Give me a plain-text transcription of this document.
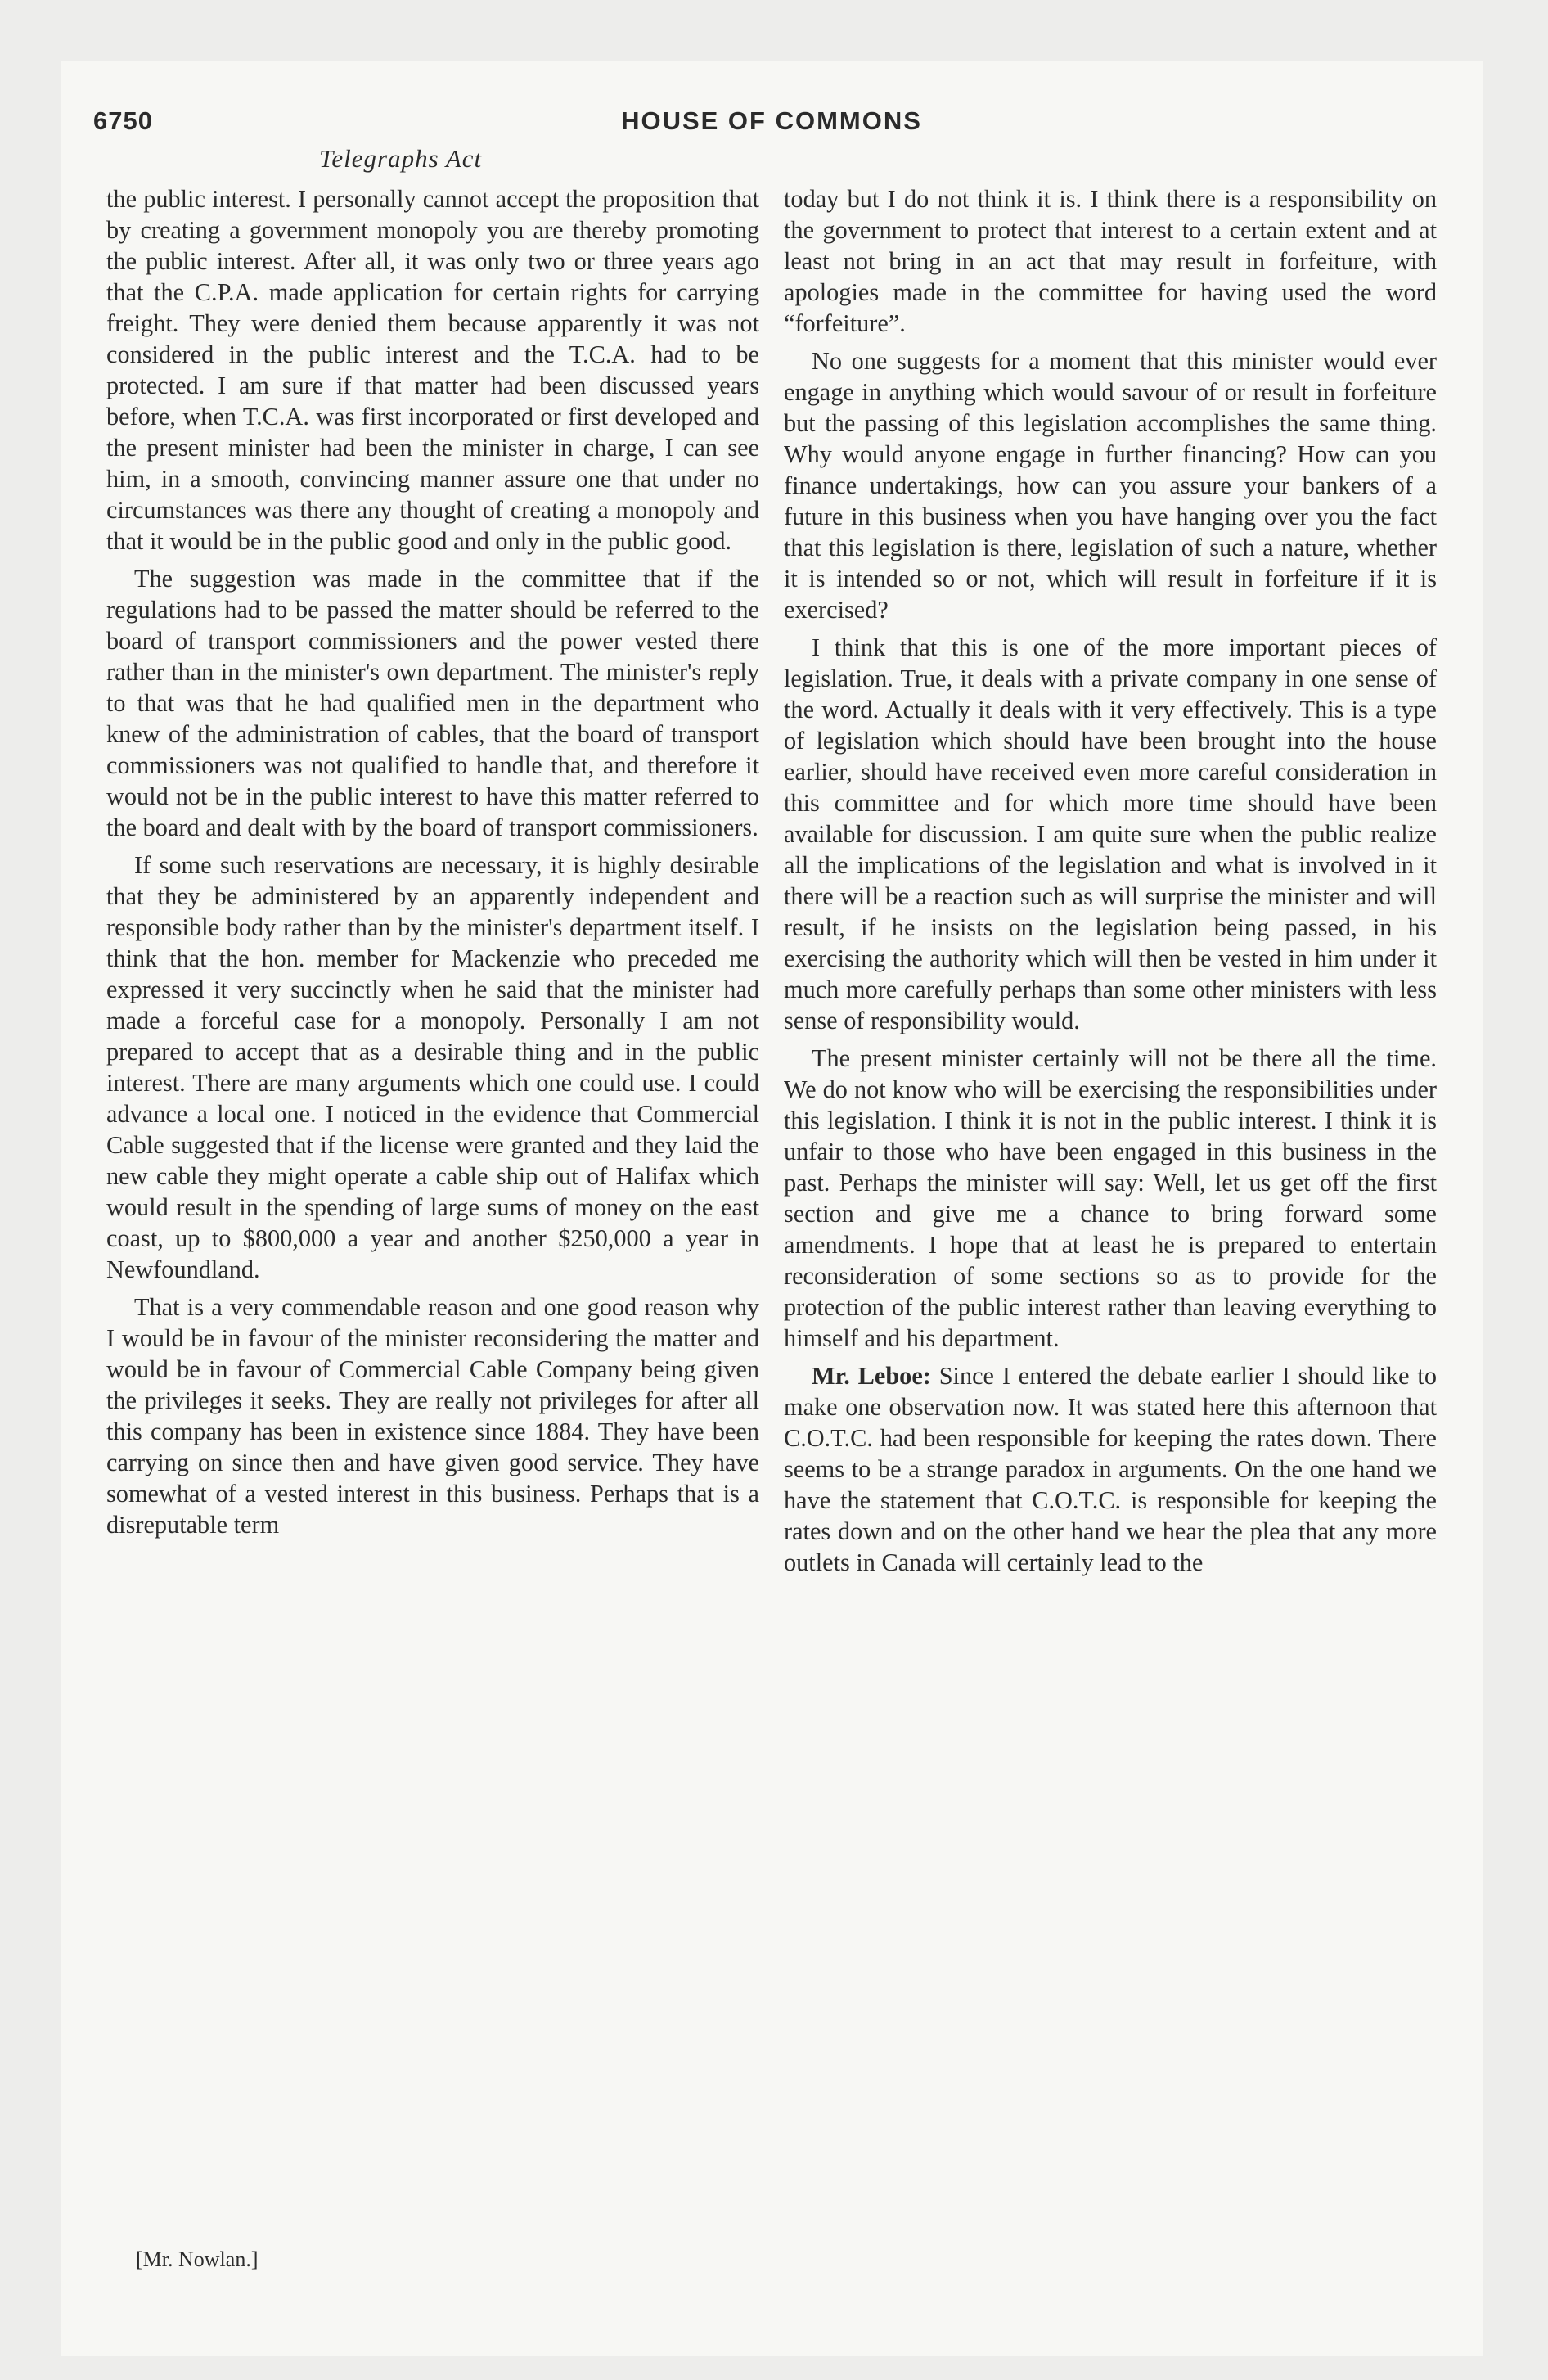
6750	HOUSE OF COMMONS
Telegraphs Act

the public interest. I personally cannot accept the proposition that by creating a government monopoly you are thereby promoting the public interest. After all, it was only two or three years ago that the C.P.A. made application for certain rights for carrying freight. They were denied them because apparently it was not considered in the public interest and the T.C.A. had to be protected. I am sure if that matter had been discussed years before, when T.C.A. was first incorporated or first developed and the present minister had been the minister in charge, I can see him, in a smooth, convincing manner assure one that under no circumstances was there any thought of creating a monopoly and that it would be in the public good and only in the public good.

The suggestion was made in the committee that if the regulations had to be passed the matter should be referred to the board of transport commissioners and the power vested there rather than in the minister's own department. The minister's reply to that was that he had qualified men in the department who knew of the administration of cables, that the board of transport commissioners was not qualified to handle that, and therefore it would not be in the public interest to have this matter referred to the board and dealt with by the board of transport commissioners.

If some such reservations are necessary, it is highly desirable that they be administered by an apparently independent and responsible body rather than by the minister's department itself. I think that the hon. member for Mackenzie who preceded me expressed it very succinctly when he said that the minister had made a forceful case for a monopoly. Personally I am not prepared to accept that as a desirable thing and in the public interest. There are many arguments which one could use. I could advance a local one. I noticed in the evidence that Commercial Cable suggested that if the license were granted and they laid the new cable they might operate a cable ship out of Halifax which would result in the spending of large sums of money on the east coast, up to $800,000 a year and another $250,000 a year in Newfoundland.

That is a very commendable reason and one good reason why I would be in favour of the minister reconsidering the matter and would be in favour of Commercial Cable Company being given the privileges it seeks. They are really not privileges for after all this company has been in existence since 1884. They have been carrying on since then and have given good service. They have somewhat of a vested interest in this business. Perhaps that is a disreputable term

today but I do not think it is. I think there is a responsibility on the government to protect that interest to a certain extent and at least not bring in an act that may result in forfeiture, with apologies made in the committee for having used the word “forfeiture”.

No one suggests for a moment that this minister would ever engage in anything which would savour of or result in forfeiture but the passing of this legislation accomplishes the same thing. Why would anyone engage in further financing? How can you finance undertakings, how can you assure your bankers of a future in this business when you have hanging over you the fact that this legislation is there, legislation of such a nature, whether it is intended so or not, which will result in forfeiture if it is exercised?

I think that this is one of the more important pieces of legislation. True, it deals with a private company in one sense of the word. Actually it deals with it very effectively. This is a type of legislation which should have been brought into the house earlier, should have received even more careful consideration in this committee and for which more time should have been available for discussion. I am quite sure when the public realize all the implications of the legislation and what is involved in it there will be a reaction such as will surprise the minister and will result, if he insists on the legislation being passed, in his exercising the authority which will then be vested in him under it much more carefully perhaps than some other ministers with less sense of responsibility would.

The present minister certainly will not be there all the time. We do not know who will be exercising the responsibilities under this legislation. I think it is not in the public interest. I think it is unfair to those who have been engaged in this business in the past. Perhaps the minister will say: Well, let us get off the first section and give me a chance to bring forward some amendments. I hope that at least he is prepared to entertain reconsideration of some sections so as to provide for the protection of the public interest rather than leaving everything to himself and his department.

Mr. Leboe: Since I entered the debate earlier I should like to make one observation now. It was stated here this afternoon that C.O.T.C. had been responsible for keeping the rates down. There seems to be a strange paradox in arguments. On the one hand we have the statement that C.O.T.C. is responsible for keeping the rates down and on the other hand we hear the plea that any more outlets in Canada will certainly lead to the

[Mr. Nowlan.]
